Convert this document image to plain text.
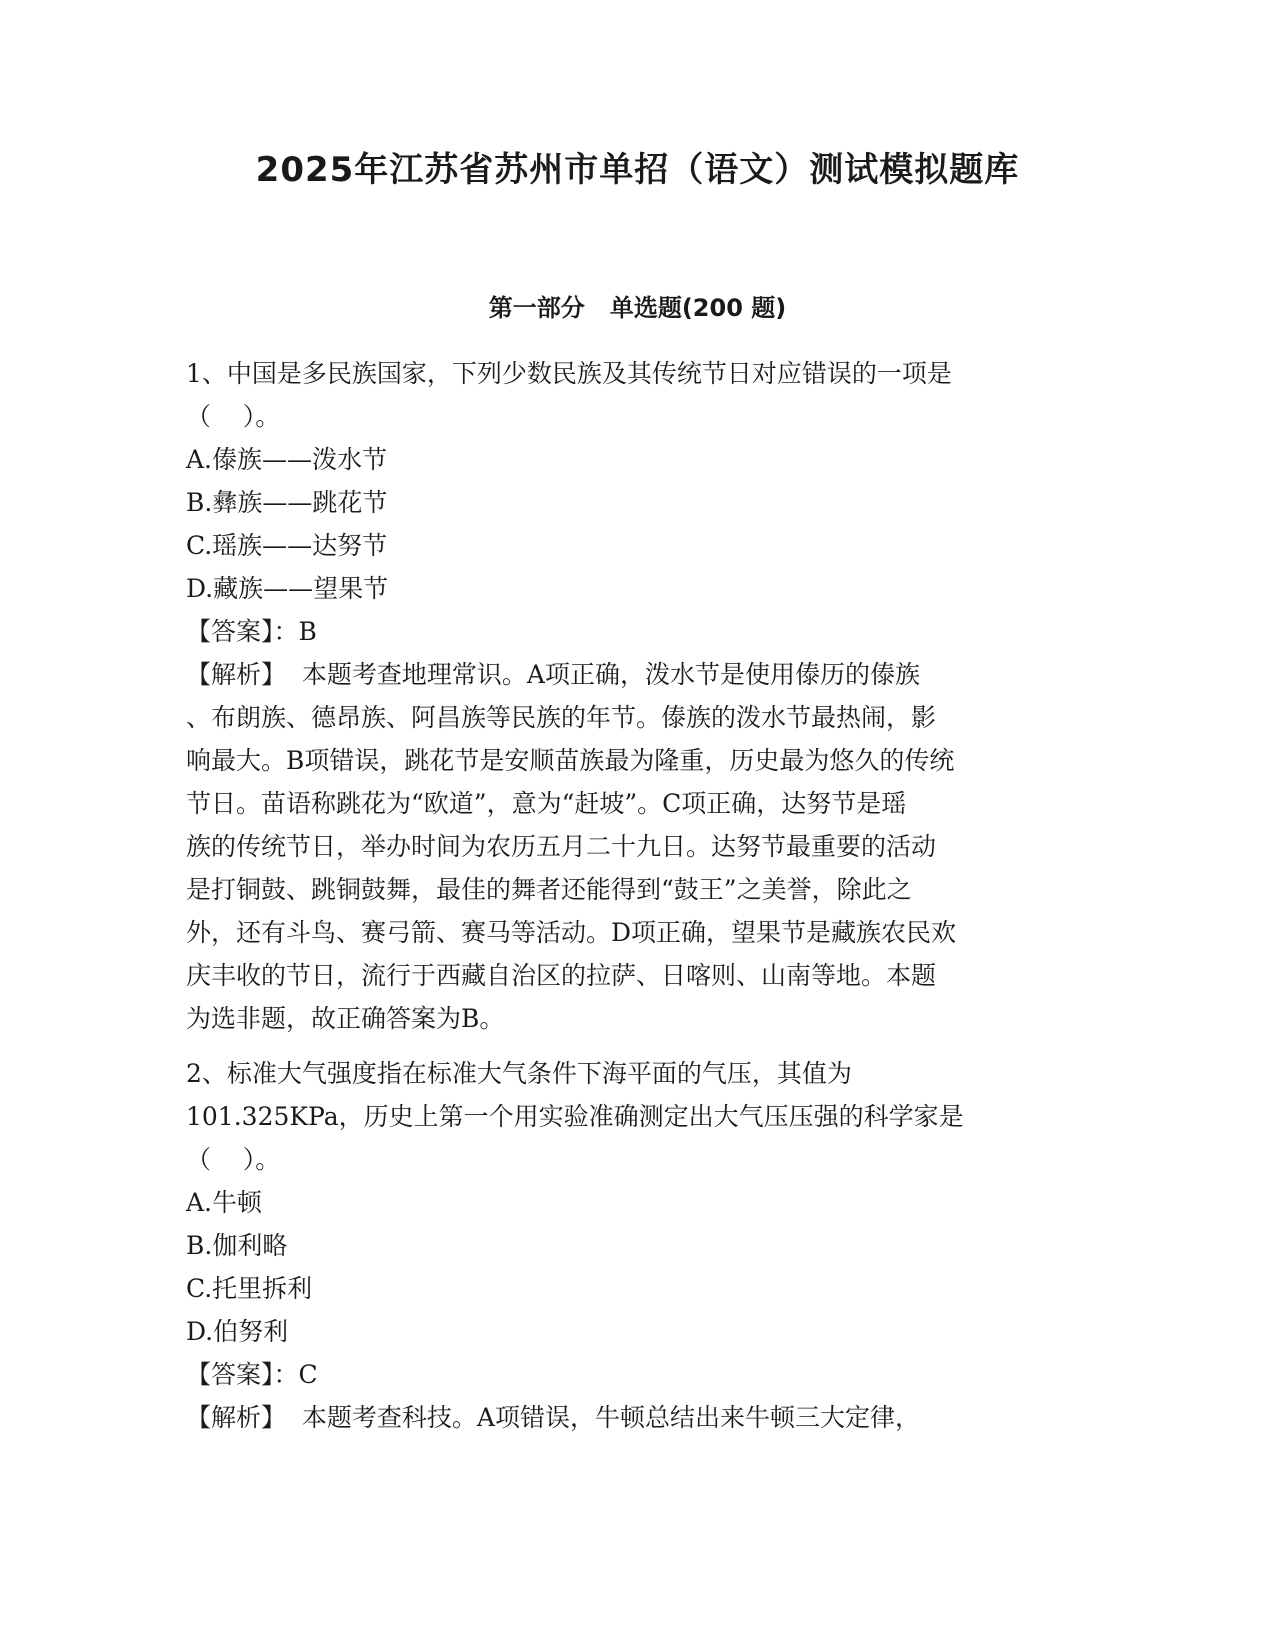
2025年江苏省苏州市单招（语文）测试模拟题库
第一部分   单选题(200 题)
1、中国是多民族国家，下列少数民族及其传统节日对应错误的一项是
（    ）。
A.傣族——泼水节
B.彝族——跳花节
C.瑶族——达努节
D.藏族——望果节
【答案】：B
【解析】  本题考查地理常识。A项正确，泼水节是使用傣历的傣族
、布朗族、德昂族、阿昌族等民族的年节。傣族的泼水节最热闹，影
响最大。B项错误，跳花节是安顺苗族最为隆重，历史最为悠久的传统
节日。苗语称跳花为“欧道”，意为“赶坡”。C项正确，达努节是瑶
族的传统节日，举办时间为农历五月二十九日。达努节最重要的活动
是打铜鼓、跳铜鼓舞，最佳的舞者还能得到“鼓王”之美誉，除此之
外，还有斗鸟、赛弓箭、赛马等活动。D项正确，望果节是藏族农民欢
庆丰收的节日，流行于西藏自治区的拉萨、日喀则、山南等地。本题
为选非题，故正确答案为B。
2、标准大气强度指在标准大气条件下海平面的气压，其值为
101.325KPa，历史上第一个用实验准确测定出大气压压强的科学家是
（    ）。
A.牛顿
B.伽利略
C.托里拆利
D.伯努利
【答案】：C
【解析】  本题考查科技。A项错误，牛顿总结出来牛顿三大定律，
